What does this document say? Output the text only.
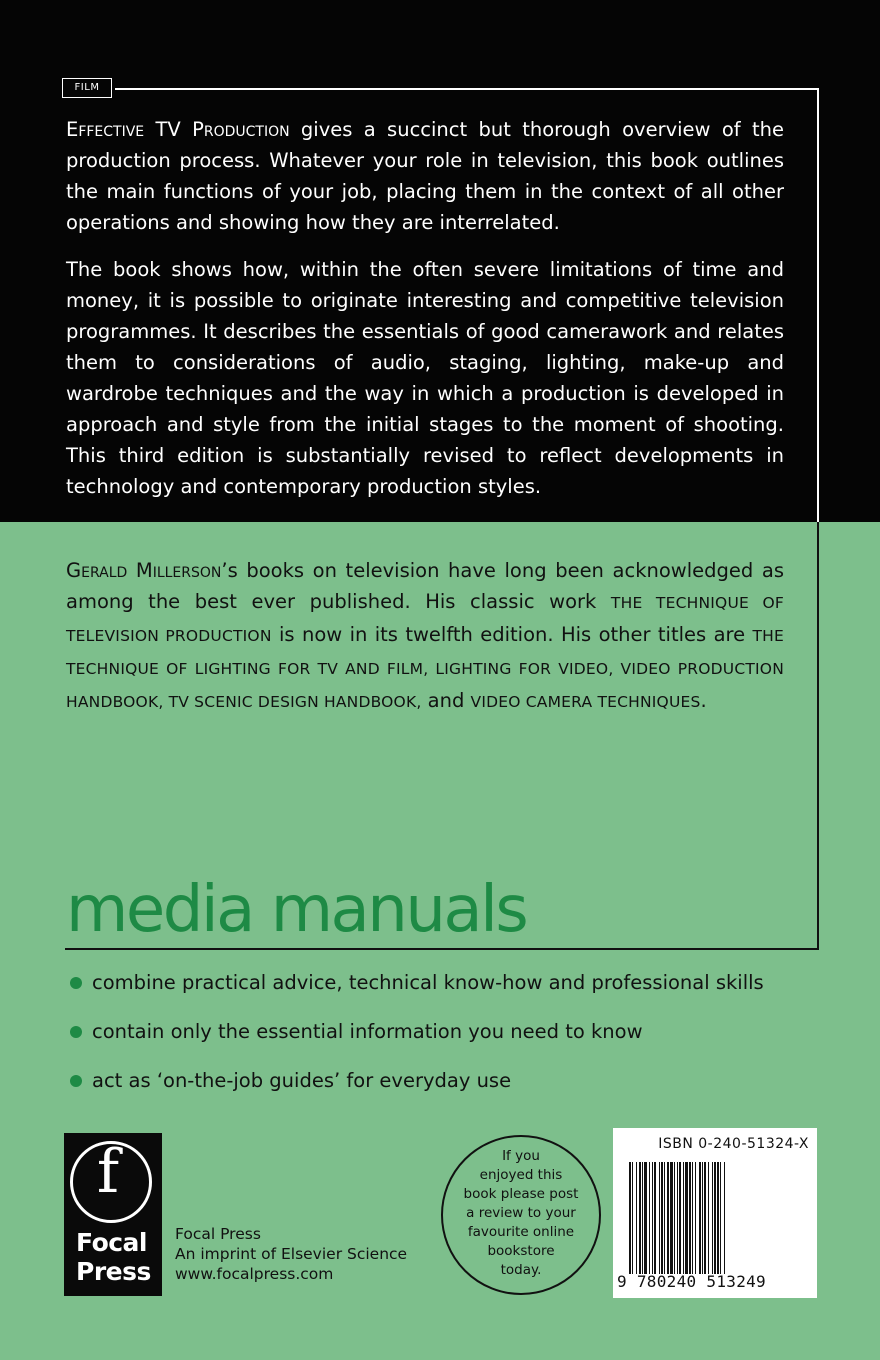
FILM

Effective TV Production gives a succinct but thorough overview of the production process. Whatever your role in television, this book outlines the main functions of your job, placing them in the context of all other operations and showing how they are interrelated.

The book shows how, within the often severe limitations of time and money, it is possible to originate interesting and competitive television programmes. It describes the essentials of good camerawork and relates them to considerations of audio, staging, lighting, make-up and wardrobe techniques and the way in which a production is developed in approach and style from the initial stages to the moment of shooting. This third edition is substantially revised to reflect developments in technology and contemporary production styles.

Gerald Millerson’s books on television have long been acknowledged as among the best ever published. His classic work THE TECHNIQUE OF TELEVISION PRODUCTION is now in its twelfth edition. His other titles are THE TECHNIQUE OF LIGHTING FOR TV AND FILM, LIGHTING FOR VIDEO, VIDEO PRODUCTION HANDBOOK, TV SCENIC DESIGN HANDBOOK, and VIDEO CAMERA TECHNIQUES.

media manuals
combine practical advice, technical know-how and professional skills
contain only the essential information you need to know
act as ‘on-the-job guides’ for everyday use
f
Focal
Press
Focal Press
An imprint of Elsevier Science
www.focalpress.com
If you
enjoyed this
book please post
a review to your
favourite online
bookstore
today.
ISBN 0-240-51324-X
9 780240 513249
